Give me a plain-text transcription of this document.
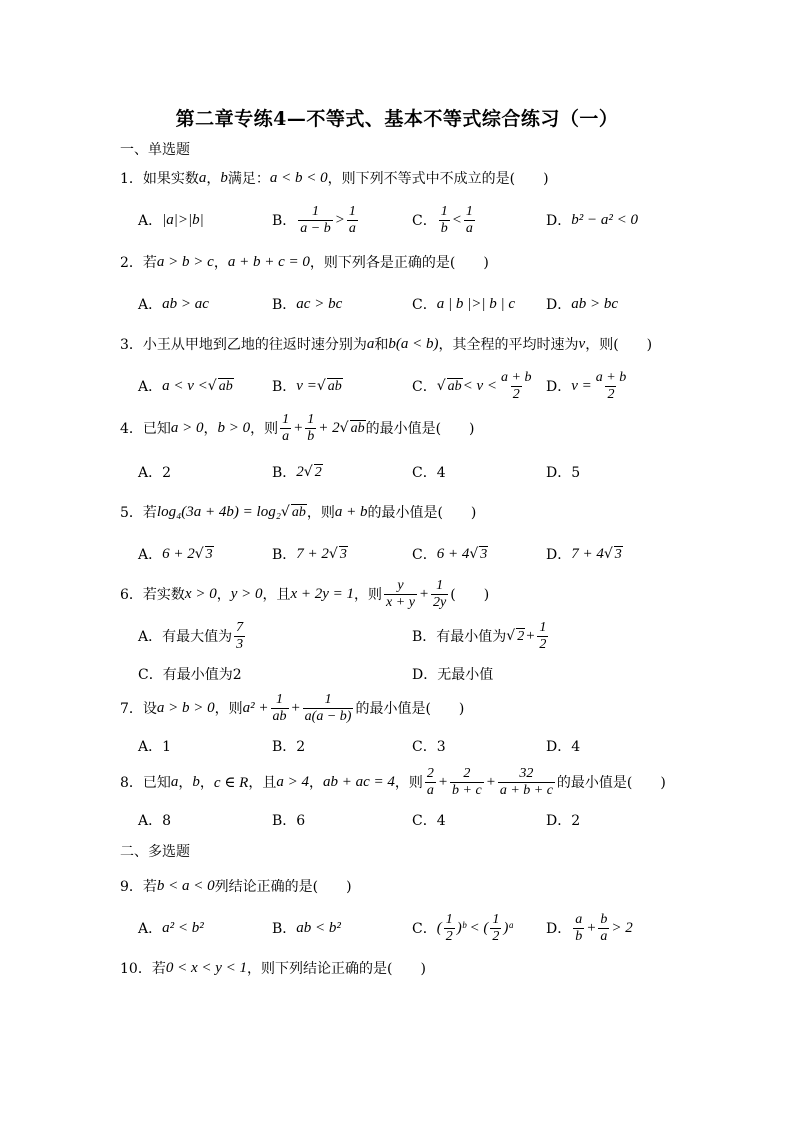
第二章专练4—不等式、基本不等式综合练习（一）
一、单选题
1． 如果实数 a ， b 满足： a < b < 0 ，则下列不等式中不成立的是(　　)
A． |a|>|b|	B． $\frac{1}{a - b} > \frac{1}{a}$	C． $\frac{1}{b} < \frac{1}{a}$	D． b² − a² < 0
2． 若 a > b > c ， a + b + c = 0 ，则下列各是正确的是(　　)
A． ab > ac	B． ac > bc	C． a | b |>| b | c D． ab > bc
3． 小王从甲地到乙地的往返时速分别为 a 和 b(a < b) ，其全程的平均时速为 v ，则(　　)
A． a < v < √ ab	B． v = √ ab	C． √ ab < $v < \frac{a + b}{2}$ D． $v = \frac{a + b}{2}$
4． 已知 a > 0 ， b > 0 ，则 $\frac{1}{a} + \frac{1}{b} + 2$ √ ab 的最小值是(　　)
A．2	B． 2 √ 2	C．4	D．5
5． 若 log₄(3a + 4b) = log₂ √ ab ，则 a + b 的最小值是(　　)
A． 6 + 2 √ 3	B． 7 + 2 √ 3	C． 6 + 4 √ 3	D． 7 + 4 √ 3
6． 若实数 x > 0 ， y > 0 ，且 x + 2y = 1 ，则 $\frac{y}{x + y} + \frac{1}{2y}$ (　　)
A．有最大值为 $\frac{7}{3}$	B．有最小值为 √ $2 + \frac{1}{2}$
C．有最小值为2	D．无最小值
7． 设 a > b > 0 ，则 $a^2 + \frac{1}{ab} + \frac{1}{a(a - b)}$ 的最小值是(　　)
A．1	B．2	C．3	D．4
8． 已知 a ， b ， c ∈ R ，且 a > 4 ， ab + ac = 4 ，则 $\frac{2}{a} + \frac{2}{b + c} + \frac{32}{a + b + c}$ 的最小值是(　　)
A．8	B．6	C．4	D．2
二、多选题
9． 若 b < a < 0 列结论正确的是(　　)
A． a² < b²	B． ab < b²	C． ( $\frac{1}{2}$ )ᵇ < ( $\frac{1}{2}$ )ᵃ D． $\frac{a}{b} + \frac{b}{a} > 2$
10． 若 0 < x < y < 1 ，则下列结论正确的是(　　)
